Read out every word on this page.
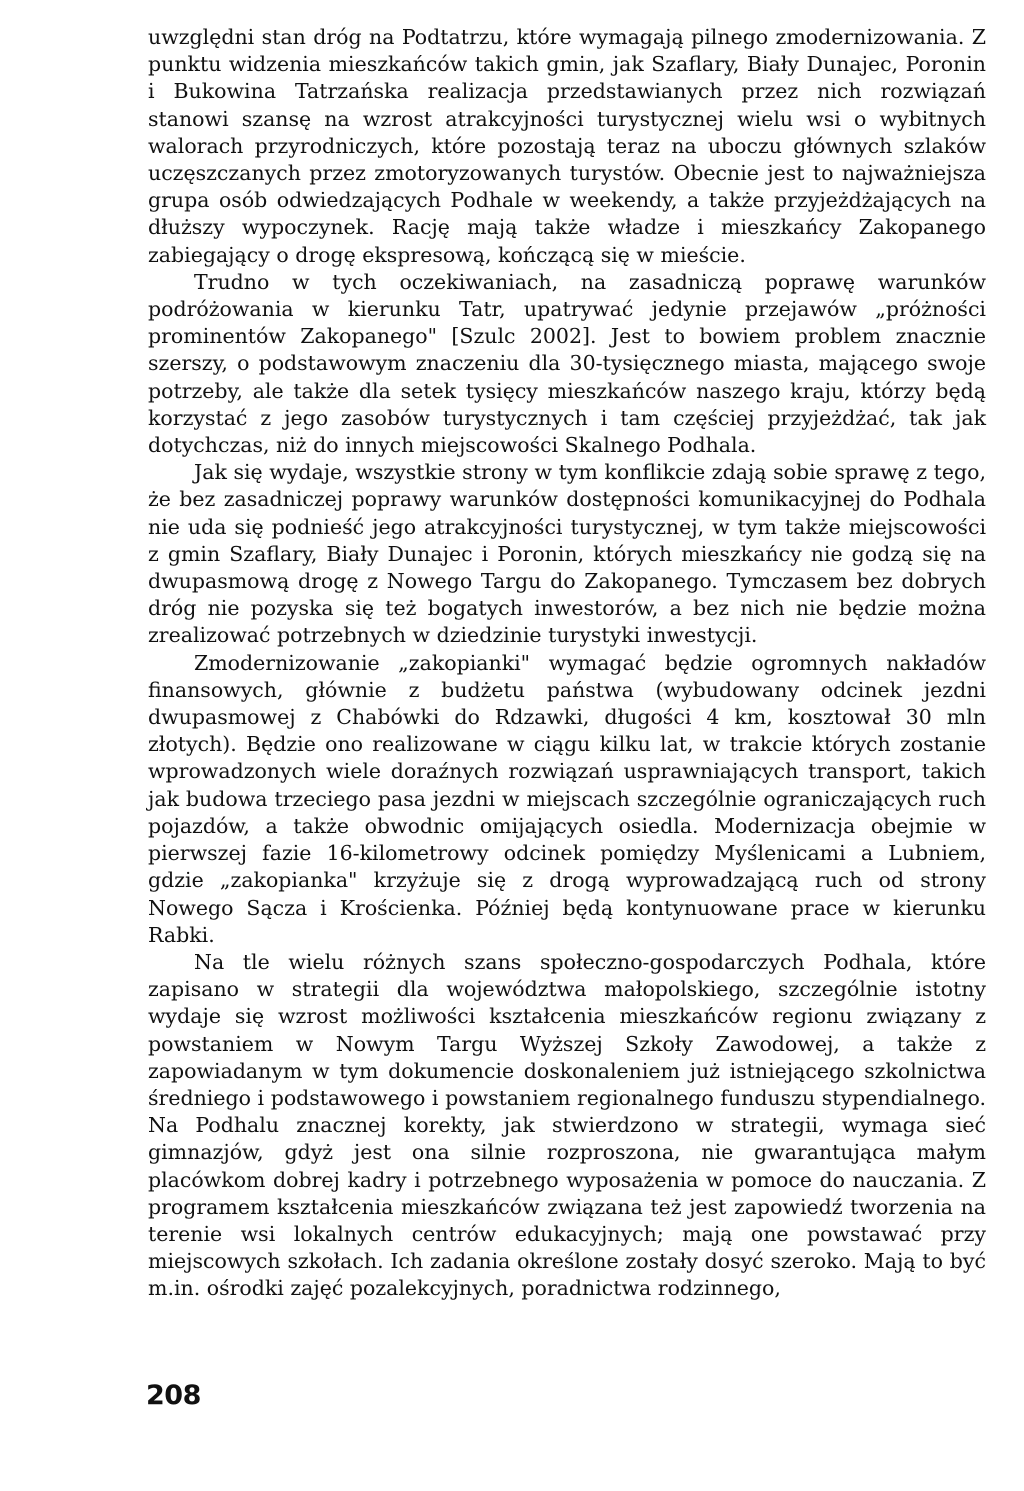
uwzględni stan dróg na Podtatrzu, które wymagają pilnego zmodernizowania. Z punktu widzenia mieszkańców takich gmin, jak Szaflary, Biały Dunajec, Poronin i Bukowina Tatrzańska realizacja przedstawianych przez nich rozwiązań stanowi szansę na wzrost atrakcyjności turystycznej wielu wsi o wybitnych walorach przyrodniczych, które pozostają teraz na uboczu głównych szlaków uczęszczanych przez zmotoryzowanych turystów. Obecnie jest to najważniejsza grupa osób odwiedzających Podhale w weekendy, a także przyjeżdżających na dłuższy wypoczynek. Rację mają także władze i mieszkańcy Zakopanego zabiegający o drogę ekspresową, kończącą się w mieście.

Trudno w tych oczekiwaniach, na zasadniczą poprawę warunków podróżowania w kierunku Tatr, upatrywać jedynie przejawów „próżności prominentów Zakopanego" [Szulc 2002]. Jest to bowiem problem znacznie szerszy, o podstawowym znaczeniu dla 30-tysięcznego miasta, mającego swoje potrzeby, ale także dla setek tysięcy mieszkańców naszego kraju, którzy będą korzystać z jego zasobów turystycznych i tam częściej przyjeżdżać, tak jak dotychczas, niż do innych miejscowości Skalnego Podhala.

Jak się wydaje, wszystkie strony w tym konflikcie zdają sobie sprawę z tego, że bez zasadniczej poprawy warunków dostępności komunikacyjnej do Podhala nie uda się podnieść jego atrakcyjności turystycznej, w tym także miejscowości z gmin Szaflary, Biały Dunajec i Poronin, których mieszkańcy nie godzą się na dwupasmową drogę z Nowego Targu do Zakopanego. Tymczasem bez dobrych dróg nie pozyska się też bogatych inwestorów, a bez nich nie będzie można zrealizować potrzebnych w dziedzinie turystyki inwestycji.

Zmodernizowanie „zakopianki" wymagać będzie ogromnych nakładów finansowych, głównie z budżetu państwa (wybudowany odcinek jezdni dwupasmowej z Chabówki do Rdzawki, długości 4 km, kosztował 30 mln złotych). Będzie ono realizowane w ciągu kilku lat, w trakcie których zostanie wprowadzonych wiele doraźnych rozwiązań usprawniających transport, takich jak budowa trzeciego pasa jezdni w miejscach szczególnie ograniczających ruch pojazdów, a także obwodnic omijających osiedla. Modernizacja obejmie w pierwszej fazie 16-kilometrowy odcinek pomiędzy Myślenicami a Lubniem, gdzie „zakopianka" krzyżuje się z drogą wyprowadzającą ruch od strony Nowego Sącza i Krościenka. Później będą kontynuowane prace w kierunku Rabki.

Na tle wielu różnych szans społeczno-gospodarczych Podhala, które zapisano w strategii dla województwa małopolskiego, szczególnie istotny wydaje się wzrost możliwości kształcenia mieszkańców regionu związany z powstaniem w Nowym Targu Wyższej Szkoły Zawodowej, a także z zapowiadanym w tym dokumencie doskonaleniem już istniejącego szkolnictwa średniego i podstawowego i powstaniem regionalnego funduszu stypendialnego. Na Podhalu znacznej korekty, jak stwierdzono w strategii, wymaga sieć gimnazjów, gdyż jest ona silnie rozproszona, nie gwarantująca małym placówkom dobrej kadry i potrzebnego wyposażenia w pomoce do nauczania. Z programem kształcenia mieszkańców związana też jest zapowiedź tworzenia na terenie wsi lokalnych centrów edukacyjnych; mają one powstawać przy miejscowych szkołach. Ich zadania określone zostały dosyć szeroko. Mają to być m.in. ośrodki zajęć pozalekcyjnych, poradnictwa rodzinnego,

208
